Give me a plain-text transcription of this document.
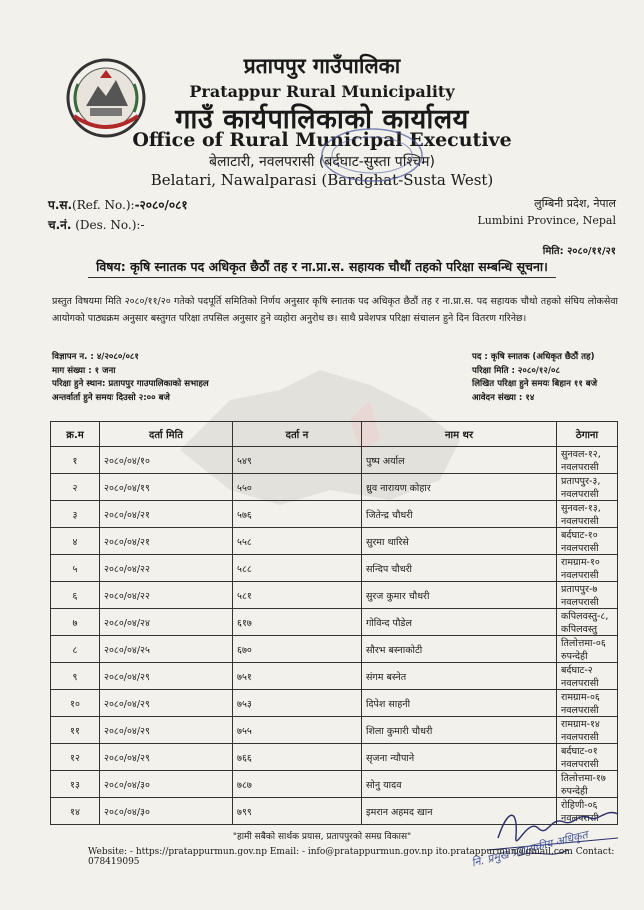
प्रतापपुर गाउँपालिका
Pratappur Rural Municipality
गाउँ कार्यपालिकाको कार्यालय
Office of Rural Municipal Executive
बेलाटारी, नवलपरासी (बर्दघाट-सुस्ता पश्चिम)
Belatari, Nawalparasi (Bardghat-Susta West)
प.स.(Ref. No.):-२०८०/०८१
च.नं. (Des. No.):-
लुम्बिनी प्रदेश, नेपाल
Lumbini Province, Nepal
मिति: २०८०/११/२१
विषय: कृषि स्नातक पद अधिकृत छैठौं तह र ना.प्रा.स. सहायक चौथौं तहको परिक्षा सम्बन्धि सूचना।
प्रस्तुत विषयमा मिति २०८०/११/२० गतेको पदपूर्ति समितिको निर्णय अनुसार कृषि स्नातक पद अधिकृत छैठौं तह र ना.प्रा.स. पद सहायक चौथो तहको संघिय लोकसेवा आयोगको पाठ्यक्रम अनुसार बस्तुगत परिक्षा तपसिल अनुसार हुने व्यहोरा अनुरोध छ। साथै प्रवेशपत्र परिक्षा संचालन हुने दिन वितरण गरिनेछ।
विज्ञापन न. : ४/२०८०/०८१
माग संख्या : १ जना
परिक्षा हुने स्थान: प्रतापपुर गाउपालिकाको सभाहल
अन्तर्वार्ता हुने समयः दिउसो २:०० बजे
पद : कृषि स्नातक (अधिकृत छैठौं तह)
परिक्षा मिति : २०८०/१२/०८
लिखित परिक्षा हुने समयः बिहान ११ बजे
आवेदन संख्या : १४
क्र.म	दर्ता मिति	दर्ता न	नाम थर	ठेगाना
१	२०८०/०४/१०	५४९	पुष्प अर्याल	सुनवल-१२, नवलपरासी
२	२०८०/०४/१९	५५०	ध्रुव नारायण कोहार	प्रतापपुर-३, नवलपरासी
३	२०८०/०४/२१	५७६	जितेन्द्र चौधरी	सुनवल-१३, नवलपरासी
४	२०८०/०४/२१	५५८	सुरमा थारिसे	बर्दघाट-१० नवलपरासी
५	२०८०/०४/२२	५८८	सन्दिप चौधरी	रामग्राम-१० नवलपरासी
६	२०८०/०४/२२	५८१	सुरज कुमार चौधरी	प्रतापपुर-७ नवलपरासी
७	२०८०/०४/२४	६१७	गोविन्द पौडेल	कपिलवस्तु-८, कपिलवस्तु
८	२०८०/०४/२५	६७०	सौरभ बस्नाकोटी	तिलोत्तमा-०६ रुपन्देही
९	२०८०/०४/२९	७५१	संगम बस्नेत	बर्दघाट-२ नवलपरासी
१०	२०८०/०४/२९	७५३	दिपेश साहनी	रामग्राम-०६ नवलपरासी
११	२०८०/०४/२९	७५५	शिला कुमारी चौधरी	रामग्राम-१४ नवलपरासी
१२	२०८०/०४/२९	७६६	सृजना न्यौपाने	बर्दघाट-०१ नवलपरासी
१३	२०८०/०४/३०	७८७	सोनु यादव	तिलोत्तमा-१७ रुपन्देही
१४	२०८०/०४/३०	७९९	इमरान अहमद खान	रोहिणी-०६ नवलपरासी
नि. प्रमुख प्रशासकीय अधिकृत
"हामी सबैको सार्थक प्रयास, प्रतापपुरको समग्र विकास"
Website: - https://pratappurmun.gov.np Email: - info@pratappurmun.gov.np ito.pratappurmun@gmail.com Contact: 078419095
